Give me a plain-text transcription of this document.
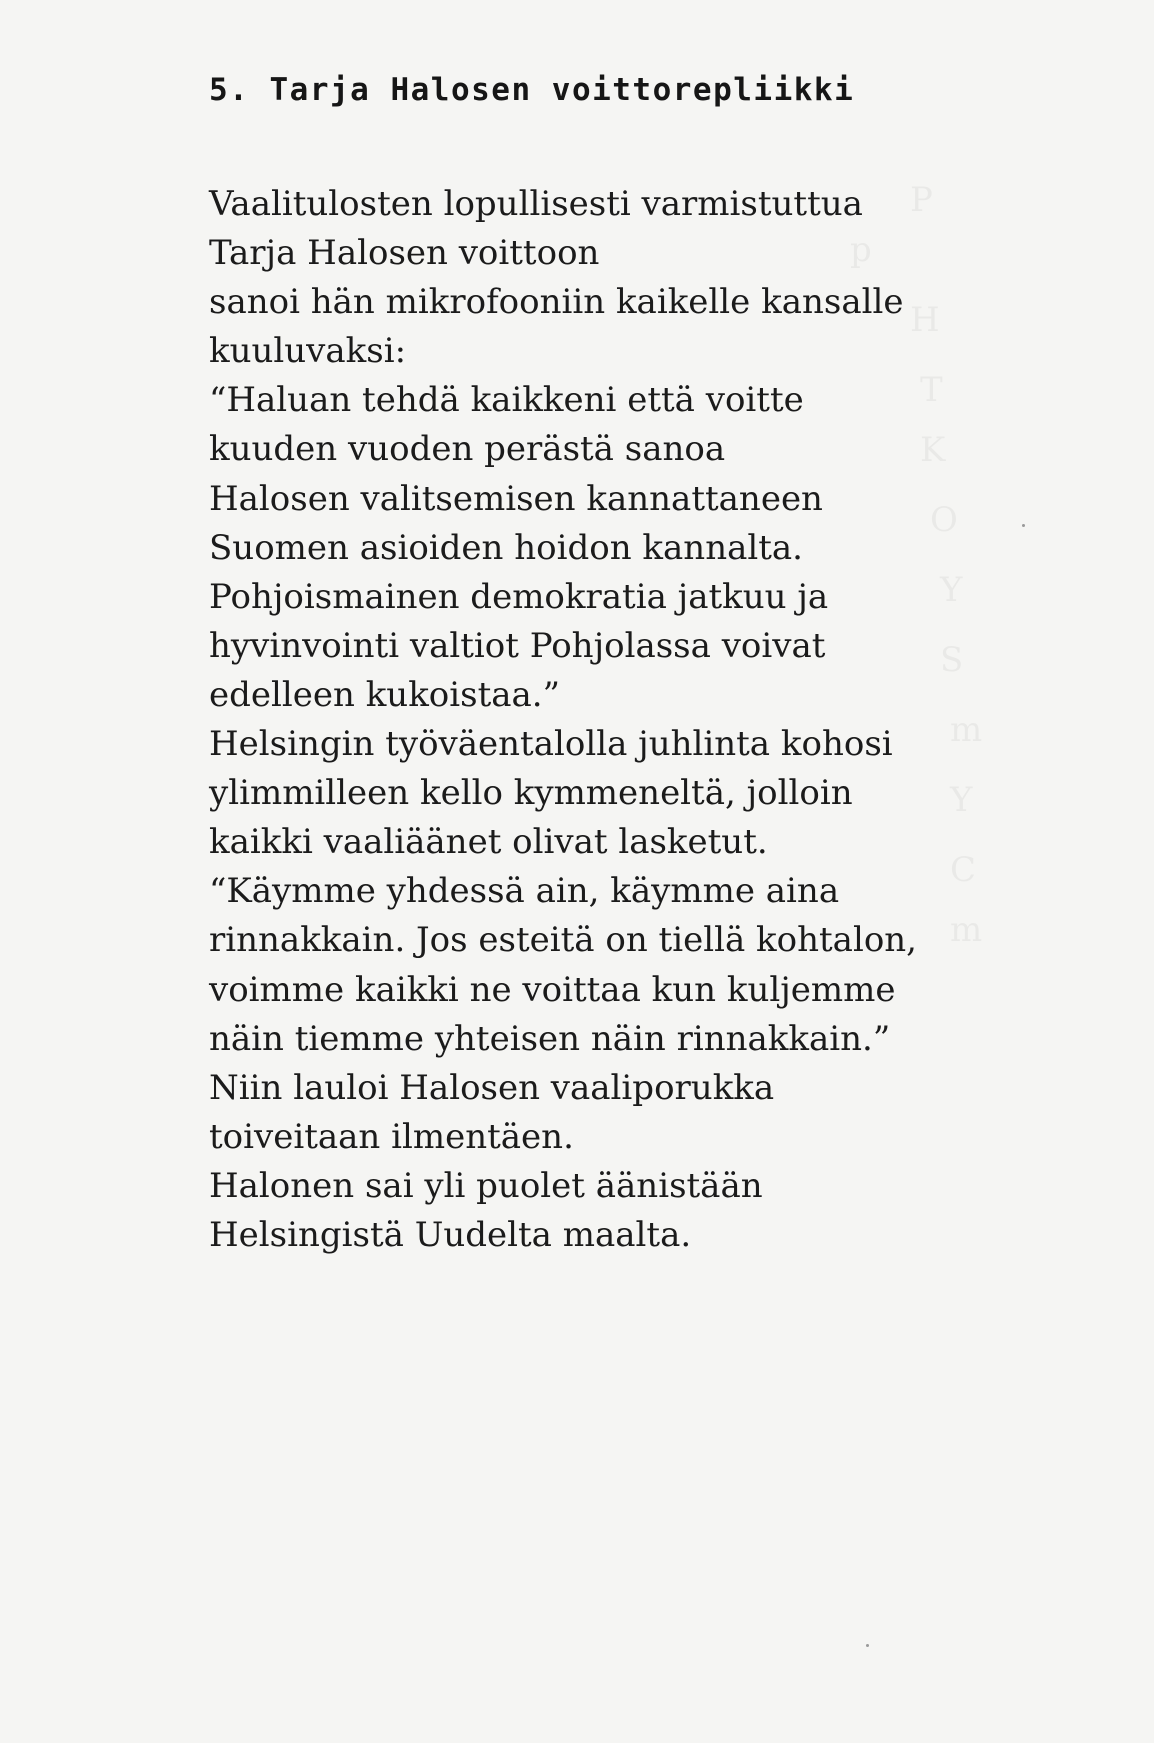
5. Tarja Halosen voittorepliikki
Vaalitulosten lopullisesti varmistuttua
Tarja Halosen voittoon
sanoi hän mikrofooniin kaikelle kansalle
kuuluvaksi:
“Haluan tehdä kaikkeni että voitte
kuuden vuoden perästä sanoa
Halosen valitsemisen kannattaneen
Suomen asioiden hoidon kannalta.
Pohjoismainen demokratia jatkuu ja
hyvinvointi valtiot Pohjolassa voivat
edelleen kukoistaa.”
Helsingin työväentalolla juhlinta kohosi
ylimmilleen kello kymmeneltä, jolloin
kaikki vaaliäänet olivat lasketut.
“Käymme yhdessä ain, käymme aina
rinnakkain. Jos esteitä on tiellä kohtalon,
voimme kaikki ne voittaa kun kuljemme
näin tiemme yhteisen näin rinnakkain.”
Niin lauloi Halosen vaaliporukka
toiveitaan ilmentäen.
Halonen sai yli puolet äänistään
Helsingistä Uudelta maalta.
